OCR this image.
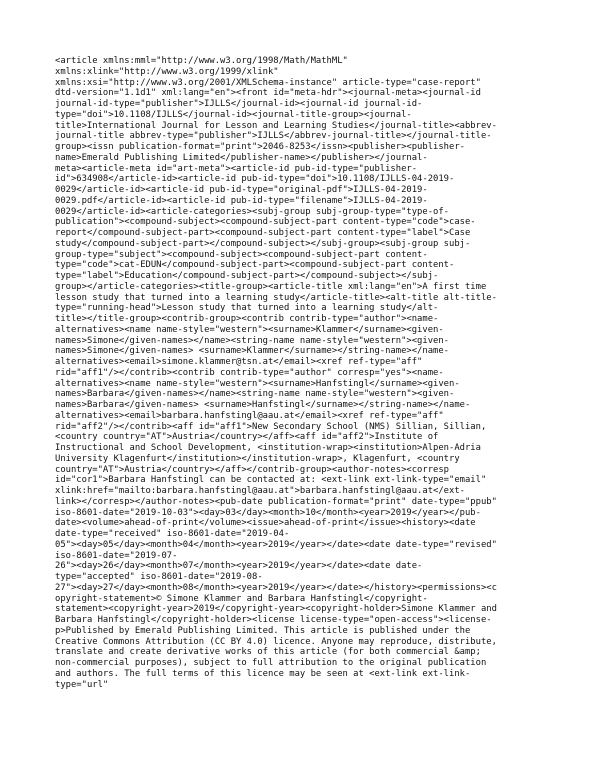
<article xmlns:mml="http://www.w3.org/1998/Math/MathML"
xmlns:xlink="http://www.w3.org/1999/xlink"
xmlns:xsi="http://www.w3.org/2001/XMLSchema-instance" article-type="case-report"
dtd-version="1.1d1" xml:lang="en"><front id="meta-hdr"><journal-meta><journal-id
journal-id-type="publisher">IJLLS</journal-id><journal-id journal-id-
type="doi">10.1108/IJLLS</journal-id><journal-title-group><journal-
title>International Journal for Lesson and Learning Studies</journal-title><abbrev-
journal-title abbrev-type="publisher">IJLLS</abbrev-journal-title></journal-title-
group><issn publication-format="print">2046-8253</issn><publisher><publisher-
name>Emerald Publishing Limited</publisher-name></publisher></journal-
meta><article-meta id="art-meta"><article-id pub-id-type="publisher-
id">634908</article-id><article-id pub-id-type="doi">10.1108/IJLLS-04-2019-
0029</article-id><article-id pub-id-type="original-pdf">IJLLS-04-2019-
0029.pdf</article-id><article-id pub-id-type="filename">IJLLS-04-2019-
0029</article-id><article-categories><subj-group subj-group-type="type-of-
publication"><compound-subject><compound-subject-part content-type="code">case-
report</compound-subject-part><compound-subject-part content-type="label">Case
study</compound-subject-part></compound-subject></subj-group><subj-group subj-
group-type="subject"><compound-subject><compound-subject-part content-
type="code">cat-EDUN</compound-subject-part><compound-subject-part content-
type="label">Education</compound-subject-part></compound-subject></subj-
group></article-categories><title-group><article-title xml:lang="en">A first time
lesson study that turned into a learning study</article-title><alt-title alt-title-
type="running-head">Lesson study that turned into a learning study</alt-
title></title-group><contrib-group><contrib contrib-type="author"><name-
alternatives><name name-style="western"><surname>Klammer</surname><given-
names>Simone</given-names></name><string-name name-style="western"><given-
names>Simone</given-names> <surname>Klammer</surname></string-name></name-
alternatives><email>simone.klammer@tsn.at</email><xref ref-type="aff"
rid="aff1"/></contrib><contrib contrib-type="author" corresp="yes"><name-
alternatives><name name-style="western"><surname>Hanfstingl</surname><given-
names>Barbara</given-names></name><string-name name-style="western"><given-
names>Barbara</given-names> <surname>Hanfstingl</surname></string-name></name-
alternatives><email>barbara.hanfstingl@aau.at</email><xref ref-type="aff"
rid="aff2"/></contrib><aff id="aff1">New Secondary School (NMS) Sillian, Sillian,
<country country="AT">Austria</country></aff><aff id="aff2">Institute of
Instructional and School Development, <institution-wrap><institution>Alpen-Adria
University Klagenfurt</institution></institution-wrap>, Klagenfurt, <country
country="AT">Austria</country></aff></contrib-group><author-notes><corresp
id="cor1">Barbara Hanfstingl can be contacted at: <ext-link ext-link-type="email"
xlink:href="mailto:barbara.hanfstingl@aau.at">barbara.hanfstingl@aau.at</ext-
link></corresp></author-notes><pub-date publication-format="print" date-type="ppub"
iso-8601-date="2019-10-03"><day>03</day><month>10</month><year>2019</year></pub-
date><volume>ahead-of-print</volume><issue>ahead-of-print</issue><history><date
date-type="received" iso-8601-date="2019-04-
05"><day>05</day><month>04</month><year>2019</year></date><date date-type="revised"
iso-8601-date="2019-07-
26"><day>26</day><month>07</month><year>2019</year></date><date date-
type="accepted" iso-8601-date="2019-08-
27"><day>27</day><month>08</month><year>2019</year></date></history><permissions><c
opyright-statement>© Simone Klammer and Barbara Hanfstingl</copyright-
statement><copyright-year>2019</copyright-year><copyright-holder>Simone Klammer and
Barbara Hanfstingl</copyright-holder><license license-type="open-access"><license-
p>Published by Emerald Publishing Limited. This article is published under the
Creative Commons Attribution (CC BY 4.0) licence. Anyone may reproduce, distribute,
translate and create derivative works of this article (for both commercial &amp;
non-commercial purposes), subject to full attribution to the original publication
and authors. The full terms of this licence may be seen at <ext-link ext-link-
type="url"
